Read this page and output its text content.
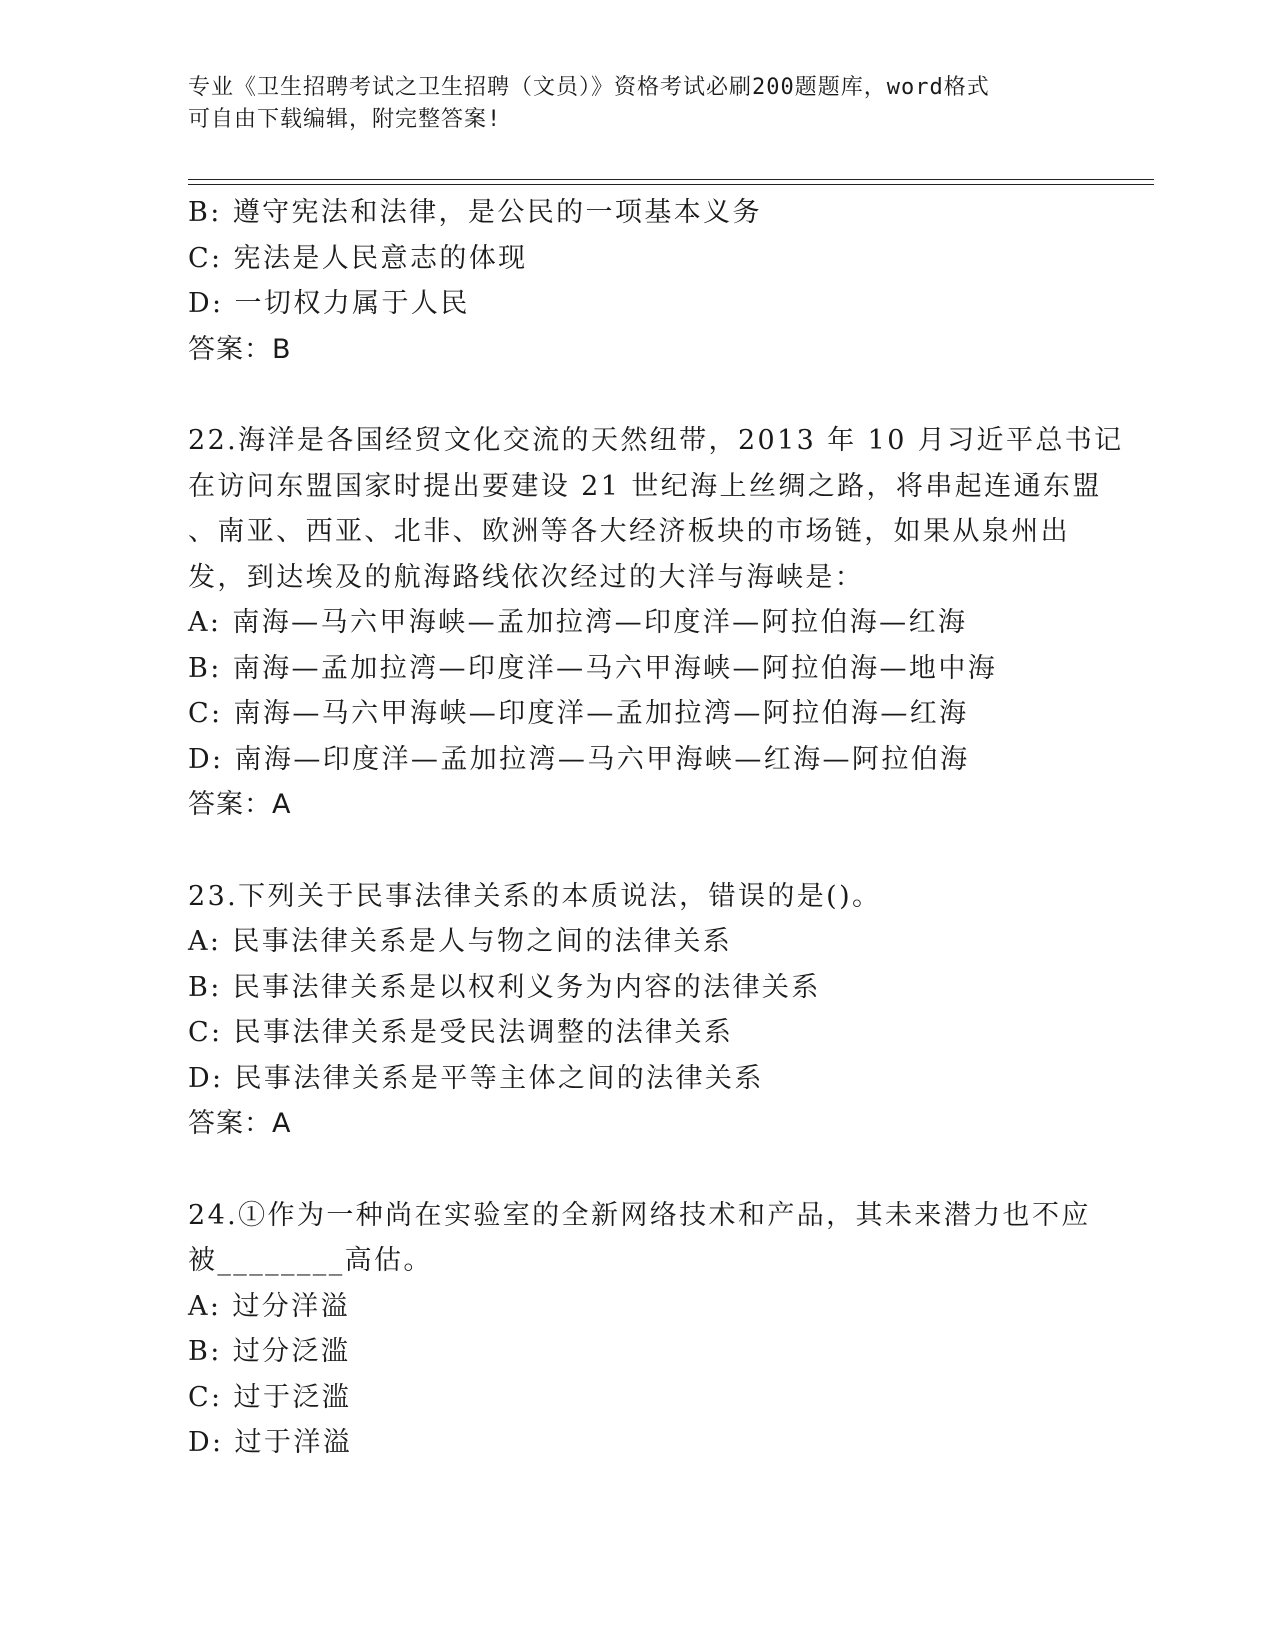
专业《卫生招聘考试之卫生招聘（文员）》资格考试必刷200题题库，word格式
可自由下载编辑，附完整答案!
B: 遵守宪法和法律，是公民的一项基本义务
C: 宪法是人民意志的体现
D: 一切权力属于人民
答案：B
22.海洋是各国经贸文化交流的天然纽带，2013 年 10 月习近平总书记
在访问东盟国家时提出要建设 21 世纪海上丝绸之路，将串起连通东盟
、南亚、西亚、北非、欧洲等各大经济板块的市场链，如果从泉州出
发，到达埃及的航海路线依次经过的大洋与海峡是：
A: 南海—马六甲海峡—孟加拉湾—印度洋—阿拉伯海—红海
B: 南海—孟加拉湾—印度洋—马六甲海峡—阿拉伯海—地中海
C: 南海—马六甲海峡—印度洋—孟加拉湾—阿拉伯海—红海
D: 南海—印度洋—孟加拉湾—马六甲海峡—红海—阿拉伯海
答案：A
23.下列关于民事法律关系的本质说法，错误的是()。
A: 民事法律关系是人与物之间的法律关系
B: 民事法律关系是以权利义务为内容的法律关系
C: 民事法律关系是受民法调整的法律关系
D: 民事法律关系是平等主体之间的法律关系
答案：A
24.①作为一种尚在实验室的全新网络技术和产品，其未来潜力也不应
被________高估。
A: 过分洋溢
B: 过分泛滥
C: 过于泛滥
D: 过于洋溢
